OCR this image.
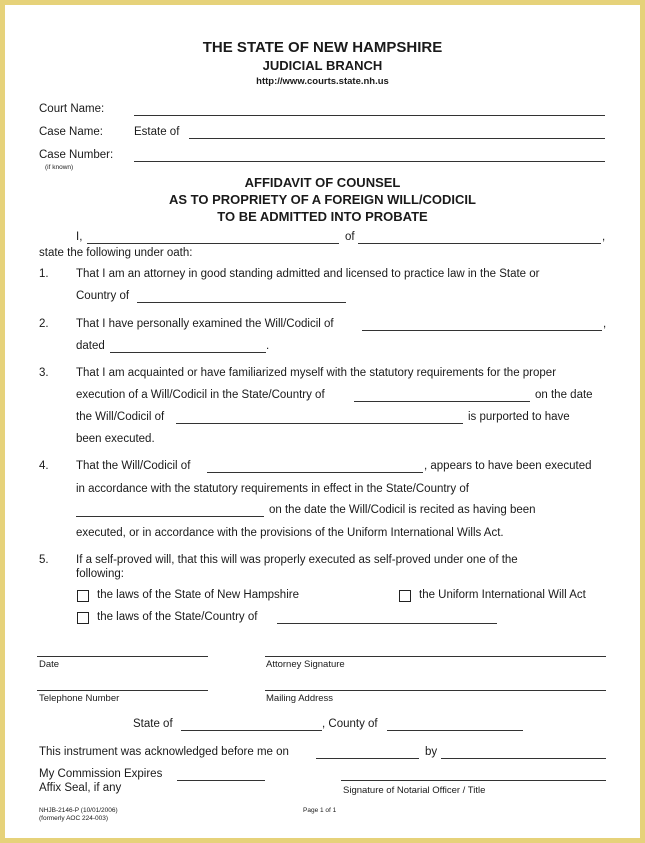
THE STATE OF NEW HAMPSHIRE
JUDICIAL BRANCH
http://www.courts.state.nh.us
Court Name:
Case Name:	Estate of
Case Number:
(if known)
AFFIDAVIT OF COUNSEL
AS TO PROPRIETY OF A FOREIGN WILL/CODICIL
TO BE ADMITTED INTO PROBATE
I,	of	,
state the following under oath:
1. That I am an attorney in good standing admitted and licensed to practice law in the State or
Country of
2. That I have personally examined the Will/Codicil of	,
dated	.
3. That I am acquainted or have familiarized myself with the statutory requirements for the proper
execution of a Will/Codicil in the State/Country of	on the date
the Will/Codicil of	is purported to have
been executed.
4. That the Will/Codicil of	, appears to have been executed
in accordance with the statutory requirements in effect in the State/Country of
on the date the Will/Codicil is recited as having been
executed, or in accordance with the provisions of the Uniform International Wills Act.
5. If a self-proved will, that this will was properly executed as self-proved under one of the
following:
the laws of the State of New Hampshire	the Uniform International Will Act
the laws of the State/Country of
Date	Attorney Signature
Telephone Number	Mailing Address
State of	, County of
This instrument was acknowledged before me on	by
My Commission Expires
Affix Seal, if any	Signature of Notarial Officer / Title
NHJB-2146-P (10/01/2006)
(formerly AOC 224-003)
Page 1 of 1
